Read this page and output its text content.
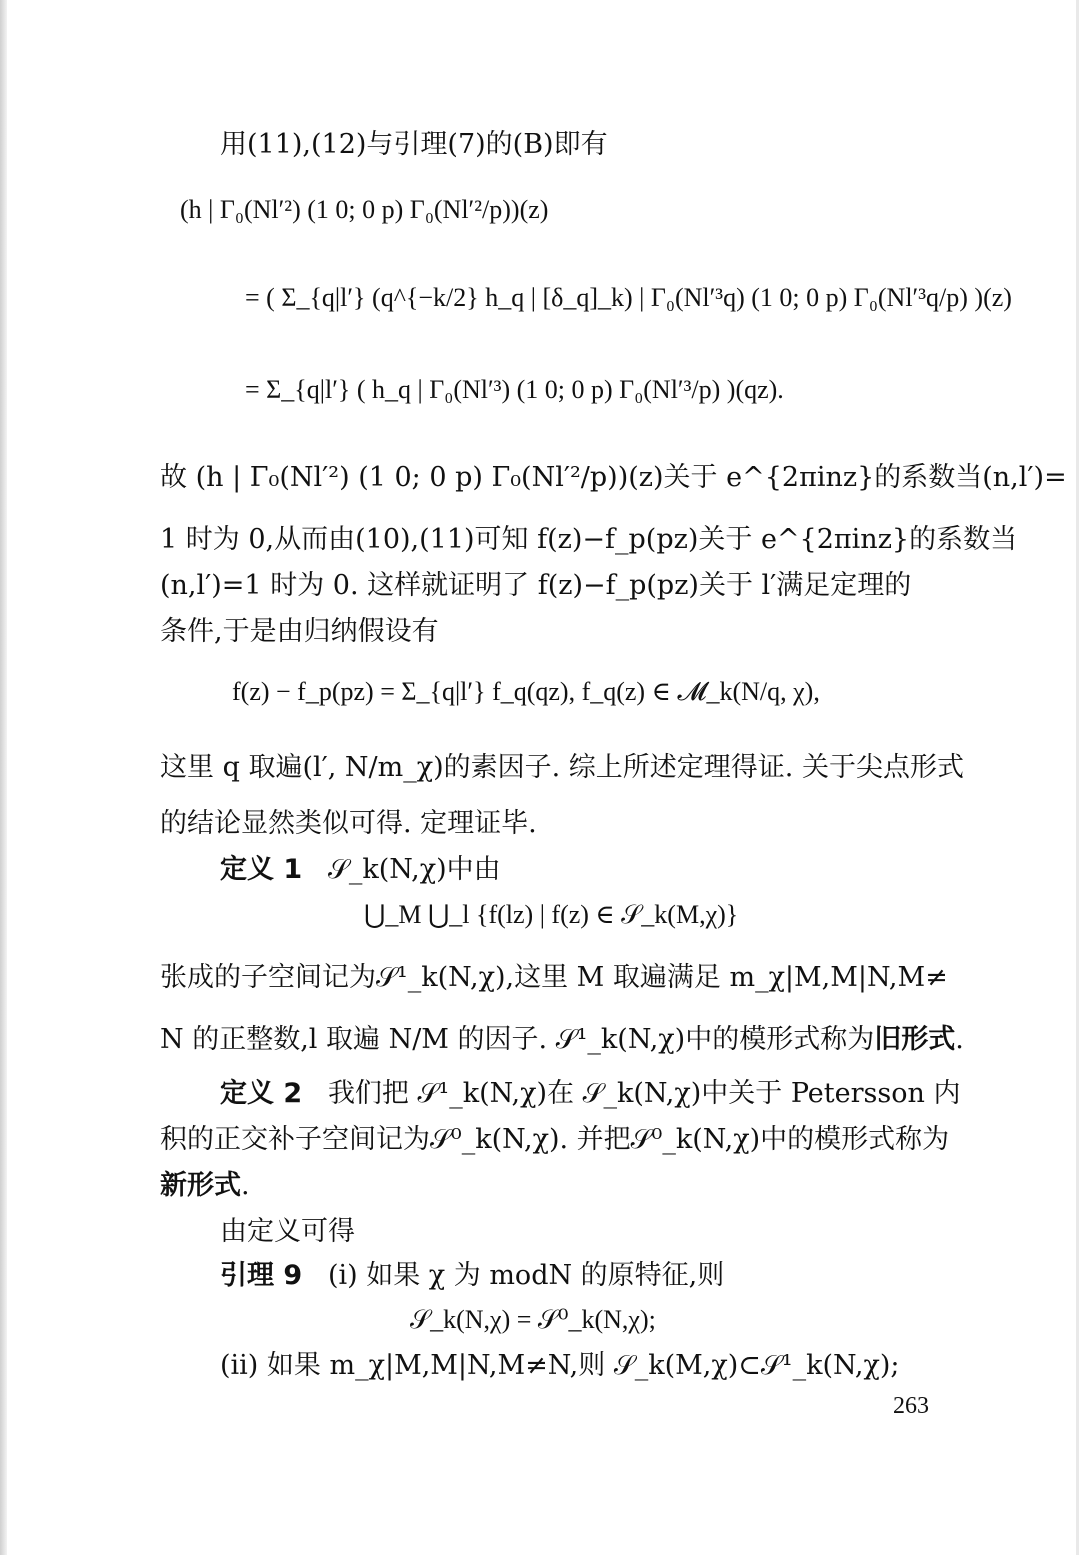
用(11),(12)与引理(7)的(B)即有
(h | Γ₀(Nl′²) (1 0; 0 p) Γ₀(Nl′²/p))(z)
= ( Σ_{q|l′} (q^{−k/2} h_q | [δ_q]_k) | Γ₀(Nl′³q) (1 0; 0 p) Γ₀(Nl′³q/p) )(z)
= Σ_{q|l′} ( h_q | Γ₀(Nl′³) (1 0; 0 p) Γ₀(Nl′³/p) )(qz).
故 (h | Γ₀(Nl′²) (1 0; 0 p) Γ₀(Nl′²/p))(z)关于 e^{2πinz}的系数当(n,l′)=
1 时为 0,从而由(10),(11)可知 f(z)−f_p(pz)关于 e^{2πinz}的系数当
(n,l′)=1 时为 0. 这样就证明了 f(z)−f_p(pz)关于 l′满足定理的
条件,于是由归纳假设有
f(z) − f_p(pz) = Σ_{q|l′} f_q(qz), f_q(z) ∈ 𝓜_k(N/q, χ),
这里 q 取遍(l′, N/m_χ)的素因子. 综上所述定理得证. 关于尖点形式
的结论显然类似可得. 定理证毕.
定义 1 𝒮_k(N,χ)中由
⋃_M ⋃_l {f(lz) | f(z) ∈ 𝒮_k(M,χ)}
张成的子空间记为𝒮¹_k(N,χ),这里 M 取遍满足 m_χ|M,M|N,M≠
N 的正整数,l 取遍 N/M 的因子. 𝒮¹_k(N,χ)中的模形式称为旧形式.
定义 2 我们把 𝒮¹_k(N,χ)在 𝒮_k(N,χ)中关于 Petersson 内
积的正交补子空间记为𝒮⁰_k(N,χ). 并把𝒮⁰_k(N,χ)中的模形式称为
新形式.
由定义可得
引理 9 (i) 如果 χ 为 modN 的原特征,则
𝒮_k(N,χ) = 𝒮⁰_k(N,χ);
(ii) 如果 m_χ|M,M|N,M≠N,则 𝒮_k(M,χ)⊂𝒮¹_k(N,χ);
263
